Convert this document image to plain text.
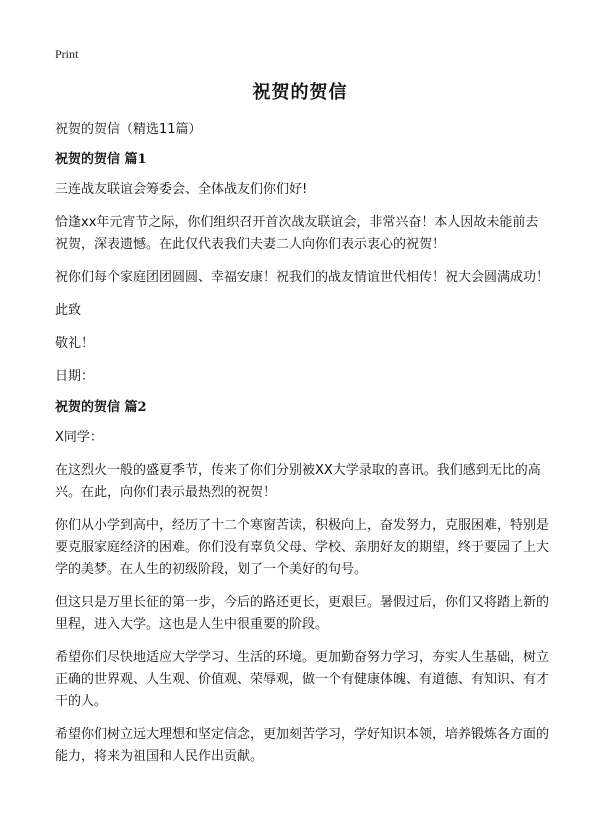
Print
祝贺的贺信

祝贺的贺信（精选11篇）

祝贺的贺信 篇1

三连战友联谊会筹委会、全体战友们你们好!

恰逢xx年元宵节之际，你们组织召开首次战友联谊会，非常兴奋！本人因故未能前去祝贺，深表遗憾。在此仅代表我们夫妻二人向你们表示衷心的祝贺！

祝你们每个家庭团团圆圆、幸福安康！祝我们的战友情谊世代相传！祝大会圆满成功！

此致

敬礼！

日期：

祝贺的贺信 篇2

X同学：

在这烈火一般的盛夏季节，传来了你们分别被XX大学录取的喜讯。我们感到无比的高兴。在此，向你们表示最热烈的祝贺！

你们从小学到高中，经历了十二个寒窗苦读，积极向上，奋发努力，克服困难，特别是要克服家庭经济的困难。你们没有辜负父母、学校、亲朋好友的期望，终于要园了上大学的美梦。在人生的初级阶段，划了一个美好的句号。

但这只是万里长征的第一步，今后的路还更长，更艰巨。暑假过后，你们又将踏上新的里程，进入大学。这也是人生中很重要的阶段。

希望你们尽快地适应大学学习、生活的环境。更加勤奋努力学习，夯实人生基础，树立正确的世界观、人生观、价值观、荣辱观，做一个有健康体魄、有道德、有知识、有才干的人。

希望你们树立远大理想和坚定信念，更加刻苦学习，学好知识本领，培养锻炼各方面的能力，将来为祖国和人民作出贡献。
